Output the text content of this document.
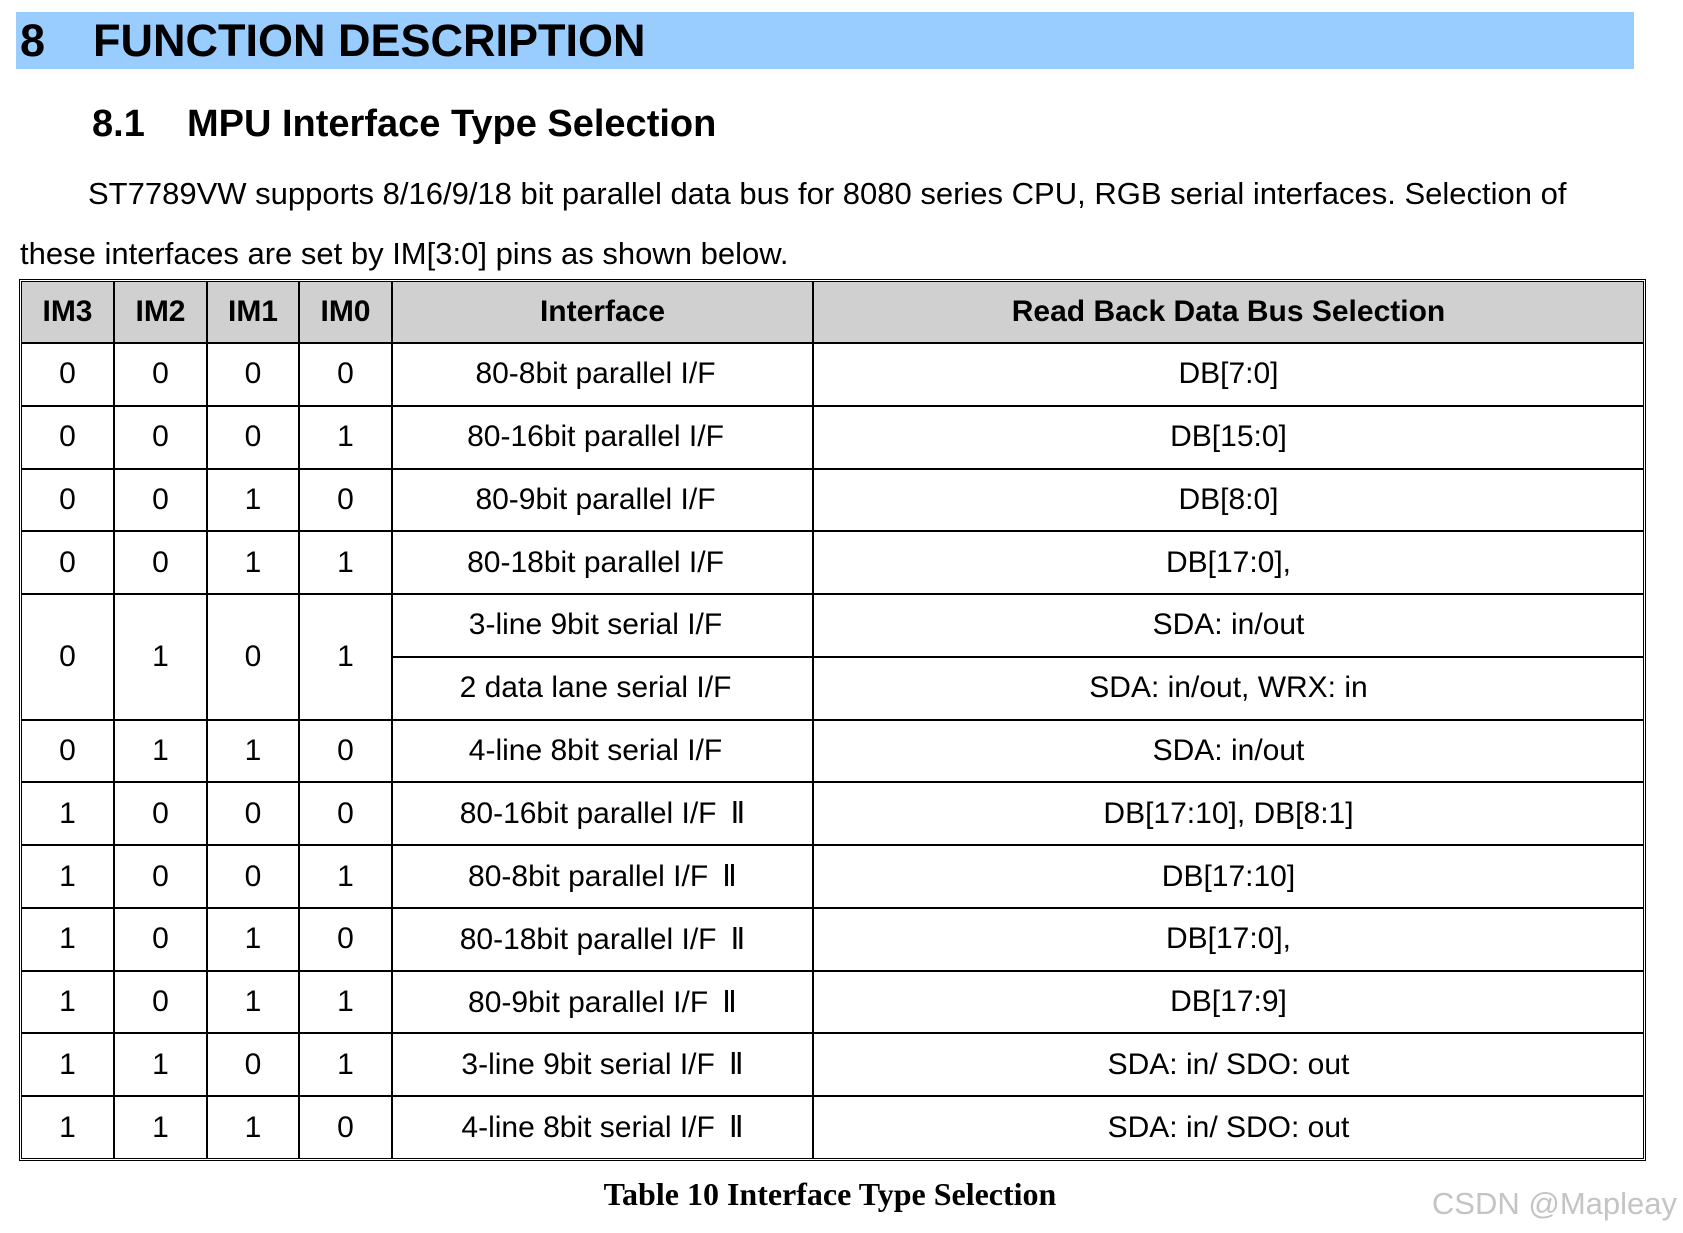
8	FUNCTION DESCRIPTION
8.1 MPU Interface Type Selection

ST7789VW supports 8/16/9/18 bit parallel data bus for 8080 series CPU, RGB serial interfaces. Selection of these interfaces are set by IM[3:0] pins as shown below.

IM3	IM2	IM1	IM0	Interface	Read Back Data Bus Selection
0	0	0	0	80-8bit parallel I/F	DB[7:0]
0	0	0	1	80-16bit parallel I/F	DB[15:0]
0	0	1	0	80-9bit parallel I/F	DB[8:0]
0	0	1	1	80-18bit parallel I/F	DB[17:0],
0	1	0	1	3-line 9bit serial I/F	SDA: in/out
				2 data lane serial I/F	SDA: in/out, WRX: in
0	1	1	0	4-line 8bit serial I/F	SDA: in/out
1	0	0	0	80-16bit parallel I/F Ⅱ	DB[17:10], DB[8:1]
1	0	0	1	80-8bit parallel I/F Ⅱ	DB[17:10]
1	0	1	0	80-18bit parallel I/F Ⅱ	DB[17:0],
1	0	1	1	80-9bit parallel I/F Ⅱ	DB[17:9]
1	1	0	1	3-line 9bit serial I/F Ⅱ	SDA: in/ SDO: out
1	1	1	0	4-line 8bit serial I/F Ⅱ	SDA: in/ SDO: out
Table 10 Interface Type Selection	CSDN @Mapleay
